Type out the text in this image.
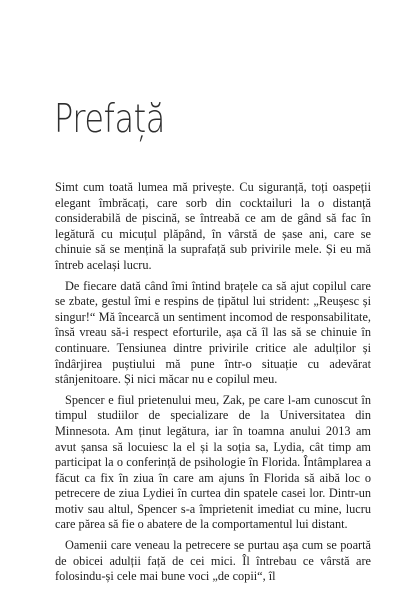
Prefață

Simt cum toată lumea mă privește. Cu siguranță, toți oaspeții elegant îmbrăcați, care sorb din cocktailuri la o distanță considerabilă de piscină, se întreabă ce am de gând să fac în legătură cu micuțul plăpând, în vârstă de șase ani, care se chinuie să se mențină la suprafață sub privirile mele. Și eu mă întreb același lucru.

De fiecare dată când îmi întind brațele ca să ajut copilul care se zbate, gestul îmi e respins de țipătul lui strident: „Reușesc și singur!“ Mă încearcă un sentiment incomod de responsabilitate, însă vreau să-i respect eforturile, așa că îl las să se chinuie în continuare. Tensiunea dintre privirile critice ale adulților și îndârjirea puștiului mă pune într-o situație cu adevărat stânjenitoare. Și nici măcar nu e copilul meu.

Spencer e fiul prietenului meu, Zak, pe care l-am cunoscut în timpul studiilor de specializare de la Universitatea din Minnesota. Am ținut legătura, iar în toamna anului 2013 am avut șansa să locuiesc la el și la soția sa, Lydia, cât timp am participat la o conferință de psihologie în Florida. Întâmplarea a făcut ca fix în ziua în care am ajuns în Florida să aibă loc o petrecere de ziua Lydiei în curtea din spatele casei lor. Dintr-un motiv sau altul, Spencer s-a împrietenit imediat cu mine, lucru care părea să fie o abatere de la comportamentul lui distant.

Oamenii care veneau la petrecere se purtau așa cum se poartă de obicei adulții față de cei mici. Îl întrebau ce vârstă are folosindu-și cele mai bune voci „de copii“, îl
